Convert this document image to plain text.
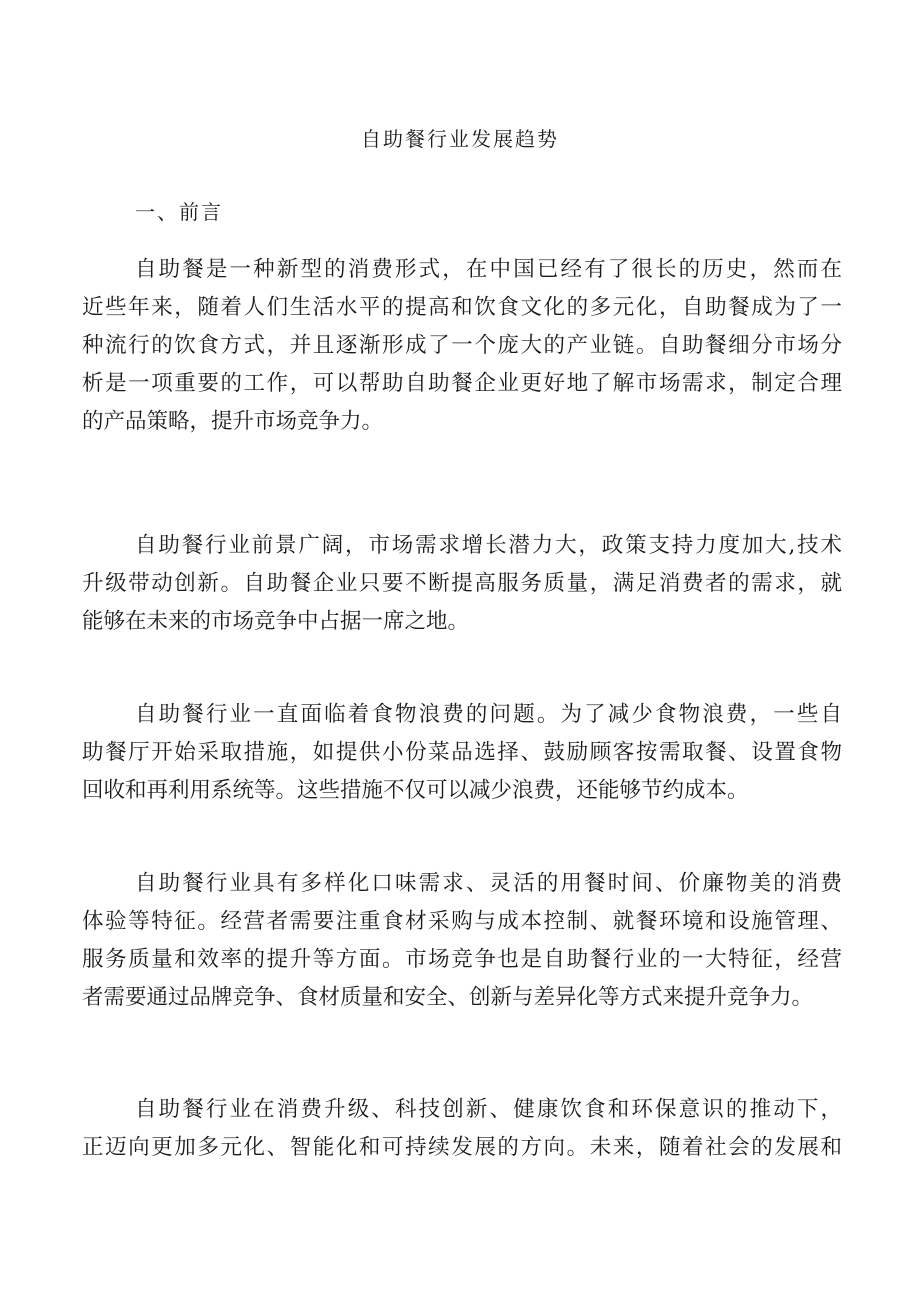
自助餐行业发展趋势
一、前言
自助餐是一种新型的消费形式，在中国已经有了很长的历史，然而在
近些年来，随着人们生活水平的提高和饮食文化的多元化，自助餐成为了一
种流行的饮食方式，并且逐渐形成了一个庞大的产业链。自助餐细分市场分
析是一项重要的工作，可以帮助自助餐企业更好地了解市场需求，制定合理
的产品策略，提升市场竞争力。
自助餐行业前景广阔，市场需求增长潜力大，政策支持力度加大,技术
升级带动创新。自助餐企业只要不断提高服务质量，满足消费者的需求，就
能够在未来的市场竞争中占据一席之地。
自助餐行业一直面临着食物浪费的问题。为了减少食物浪费，一些自
助餐厅开始采取措施，如提供小份菜品选择、鼓励顾客按需取餐、设置食物
回收和再利用系统等。这些措施不仅可以减少浪费，还能够节约成本。
自助餐行业具有多样化口味需求、灵活的用餐时间、价廉物美的消费
体验等特征。经营者需要注重食材采购与成本控制、就餐环境和设施管理、
服务质量和效率的提升等方面。市场竞争也是自助餐行业的一大特征，经营
者需要通过品牌竞争、食材质量和安全、创新与差异化等方式来提升竞争力。
自助餐行业在消费升级、科技创新、健康饮食和环保意识的推动下，
正迈向更加多元化、智能化和可持续发展的方向。未来，随着社会的发展和
